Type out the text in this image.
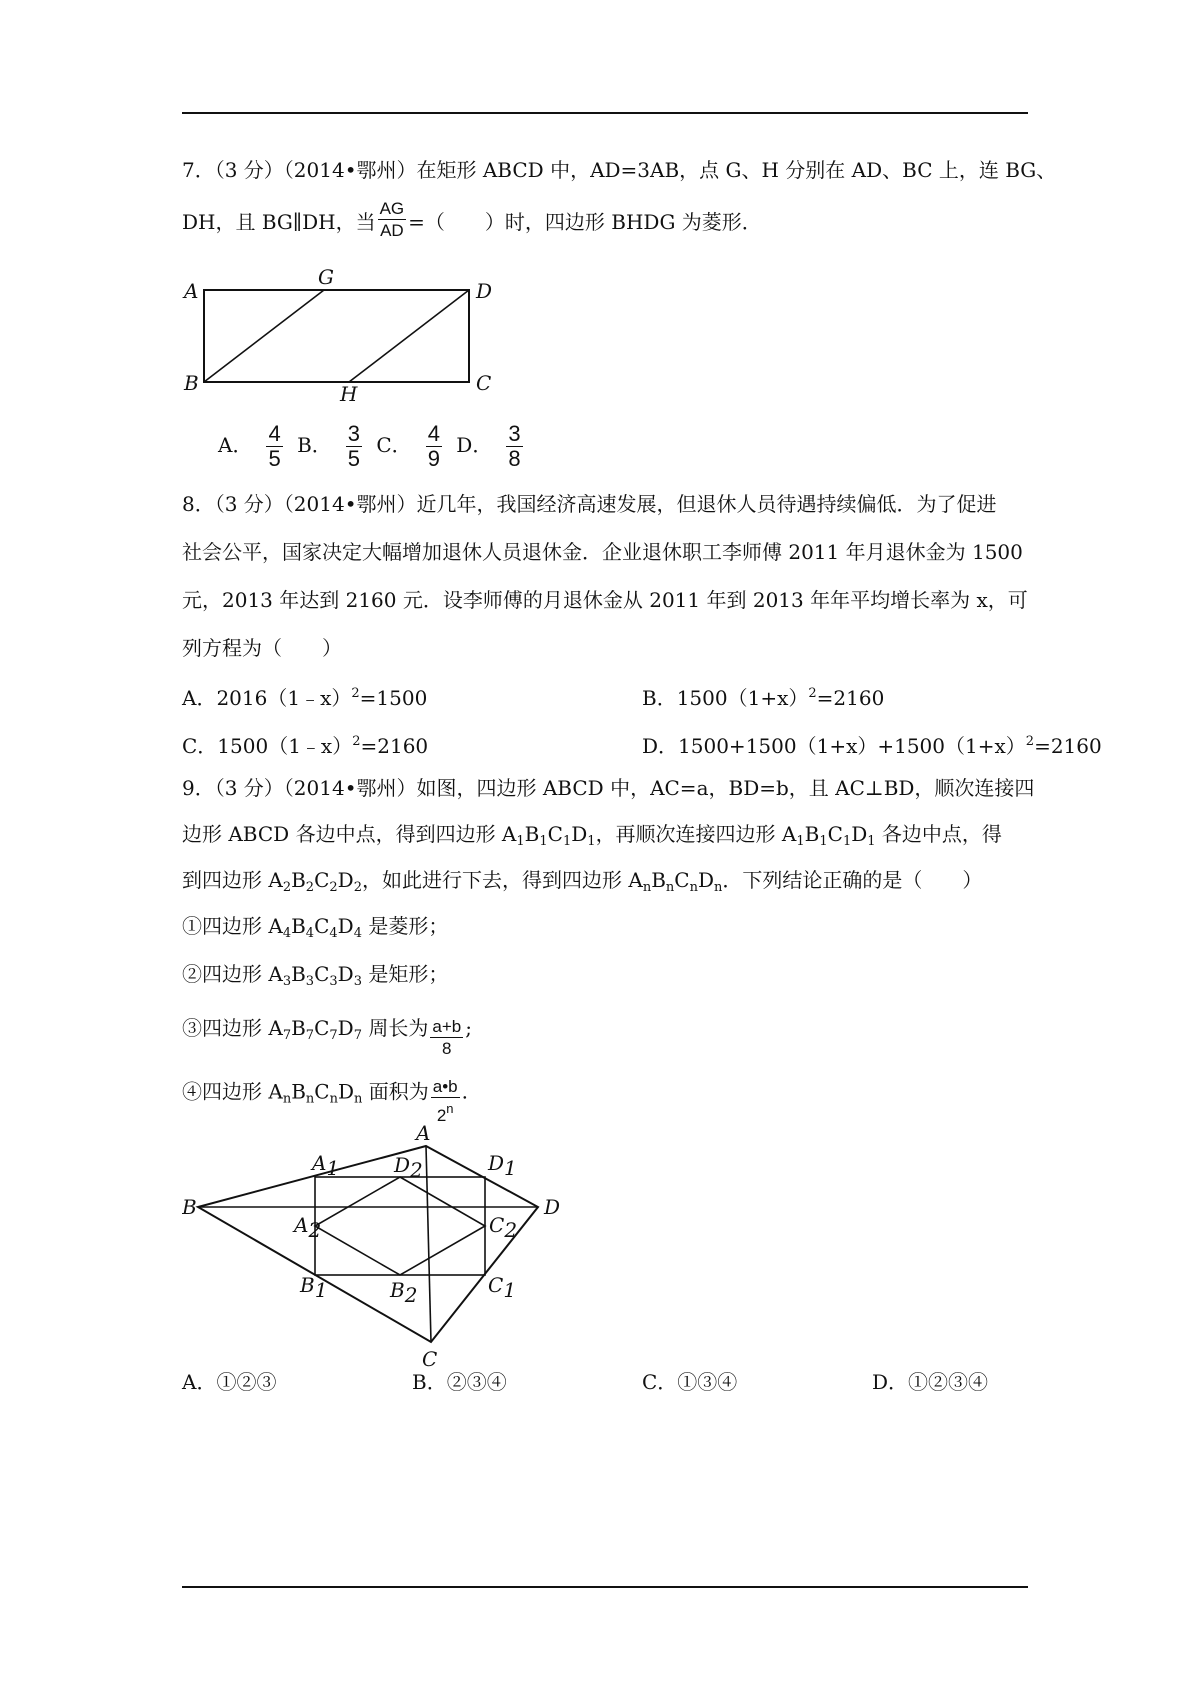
7．（3 分）（2014•鄂州）在矩形 ABCD 中，AD=3AB，点 G、H 分别在 AD、BC 上，连 BG、
DH，且 BG∥DH，当 $\frac{AG}{AD}$ =（　　）时，四边形 BHDG 为菱形．
A
G
D
B	H	C
A． $\frac{4}{5}$ B． $\frac{3}{5}$ C． $\frac{4}{9}$ D． $\frac{3}{8}$
8．（3 分）（2014•鄂州）近几年，我国经济高速发展，但退休人员待遇持续偏低．为了促进
社会公平，国家决定大幅增加退休人员退休金．企业退休职工李师傅 2011 年月退休金为 1500
元，2013 年达到 2160 元．设李师傅的月退休金从 2011 年到 2013 年年平均增长率为 x，可
列方程为（　　）
A．2016（1﹣x）$^2$=1500	B．$1500(1+x)^2=2160$
C．1500（1﹣x）$^2$=2160	D．$1500+1500(1+x)+1500(1+x)^2=2160$
9．（3 分）（2014•鄂州）如图，四边形 ABCD 中，AC=a，BD=b，且 AC⊥BD，顺次连接四
边形 ABCD 各边中点，得到四边形 $A_1B_1C_1D_1$，再顺次连接四边形 $A_1B_1C_1D_1$ 各边中点，得
到四边形 $A_2B_2C_2D_2$，如此进行下去，得到四边形 $A_nB_nC_nD_n$．下列结论正确的是（　　）
①四边形 $A_4B_4C_4D_4$ 是菱形；
②四边形 $A_3B_3C_3D_3$ 是矩形；
③四边形 $A_7B_7C_7D_7$ 周长为 $\frac{a+b}{8}$ ;
④四边形 $A_nB_nC_nD_n$ 面积为 $\frac{a•b}{2^n}$ .
A
B
C
D
A1	D1
D2
A2	C2
B1	B2	C1
A．①②③	B．②③④	C．①③④	D．①②③④
